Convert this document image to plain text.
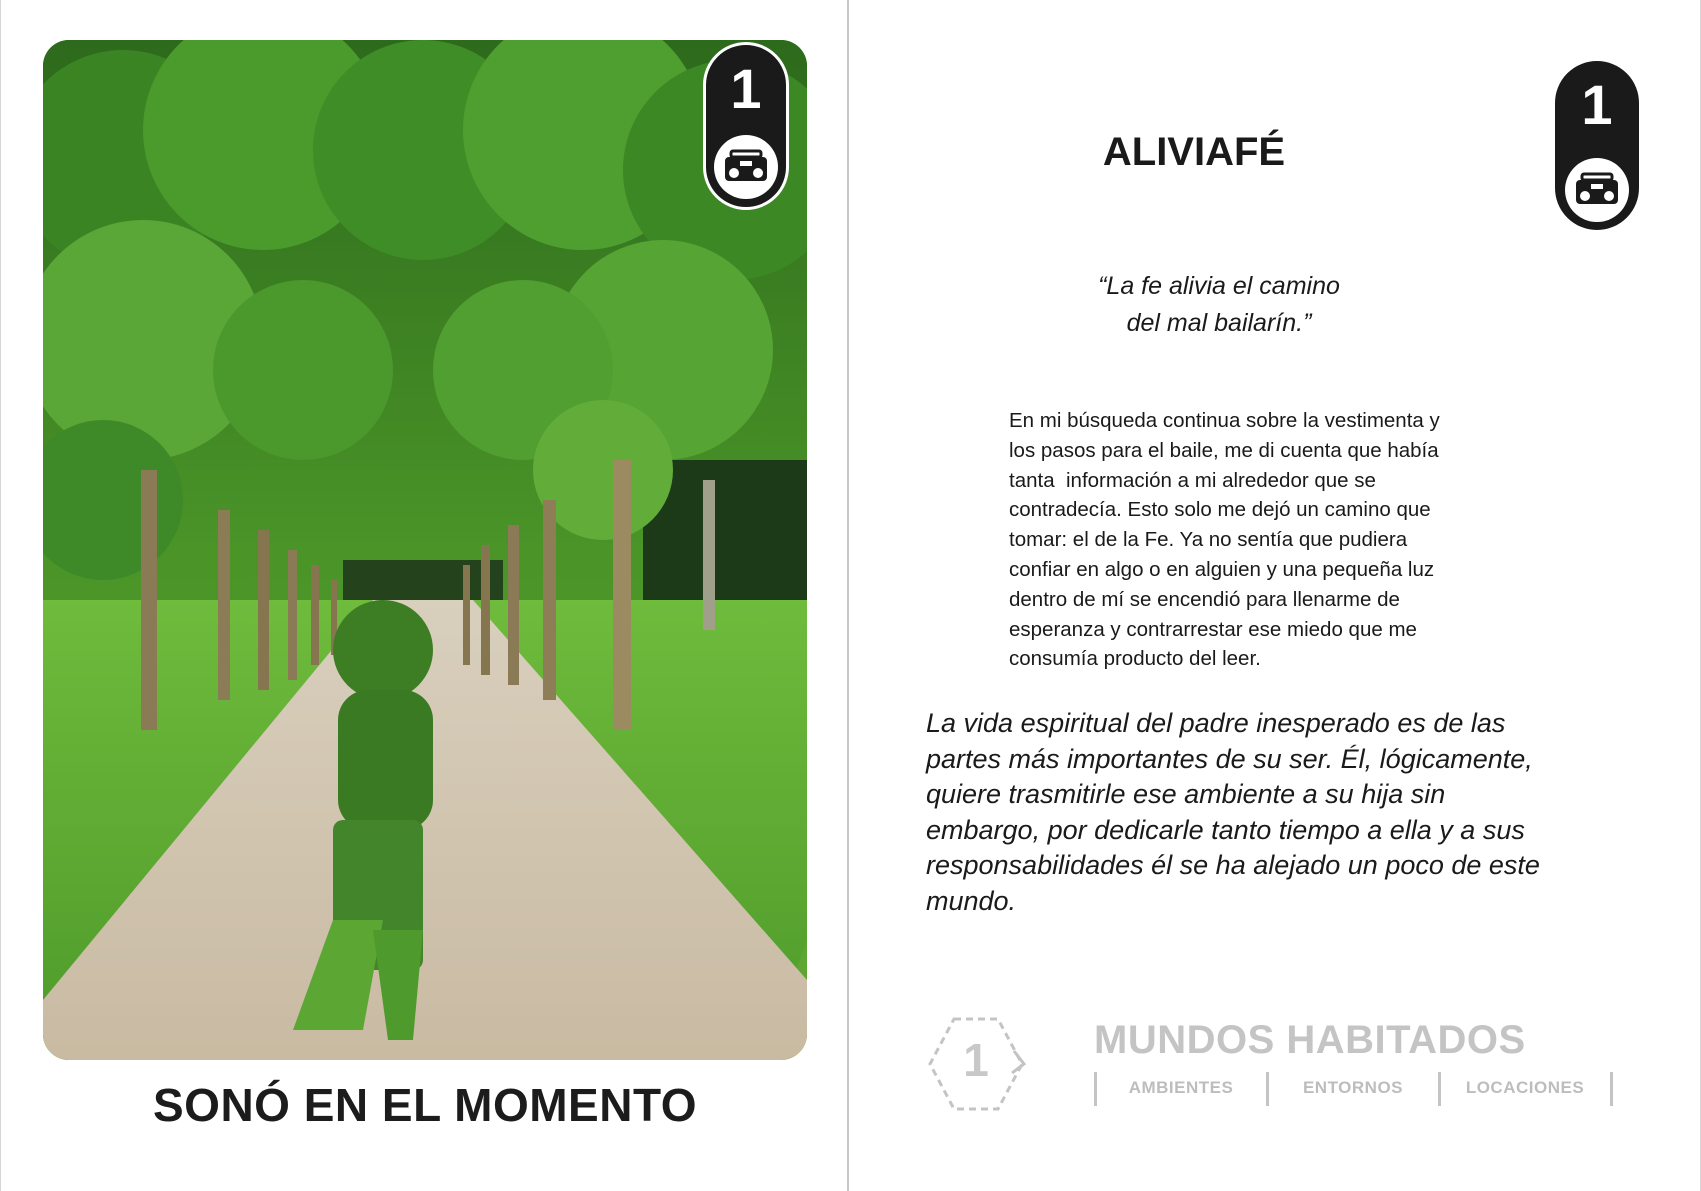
1
SONÓ EN EL MOMENTO
1
ALIVIAFÉ
“La fe alivia el camino
del mal bailarín.”
En mi búsqueda continua sobre la vestimenta y
los pasos para el baile, me di cuenta que había
tanta  información a mi alrededor que se
contradecía. Esto solo me dejó un camino que
tomar: el de la Fe. Ya no sentía que pudiera
confiar en algo o en alguien y una pequeña luz
dentro de mí se encendió para llenarme de
esperanza y contrarrestar ese miedo que me
consumía producto del leer.
La vida espiritual del padre inesperado es de las
partes más importantes de su ser. Él, lógicamente,
quiere trasmitirle ese ambiente a su hija sin
embargo, por dedicarle tanto tiempo a ella y a sus
responsabilidades él se ha alejado un poco de este
mundo.
1	MUNDOS HABITADOS
AMBIENTES	ENTORNOS	LOCACIONES
